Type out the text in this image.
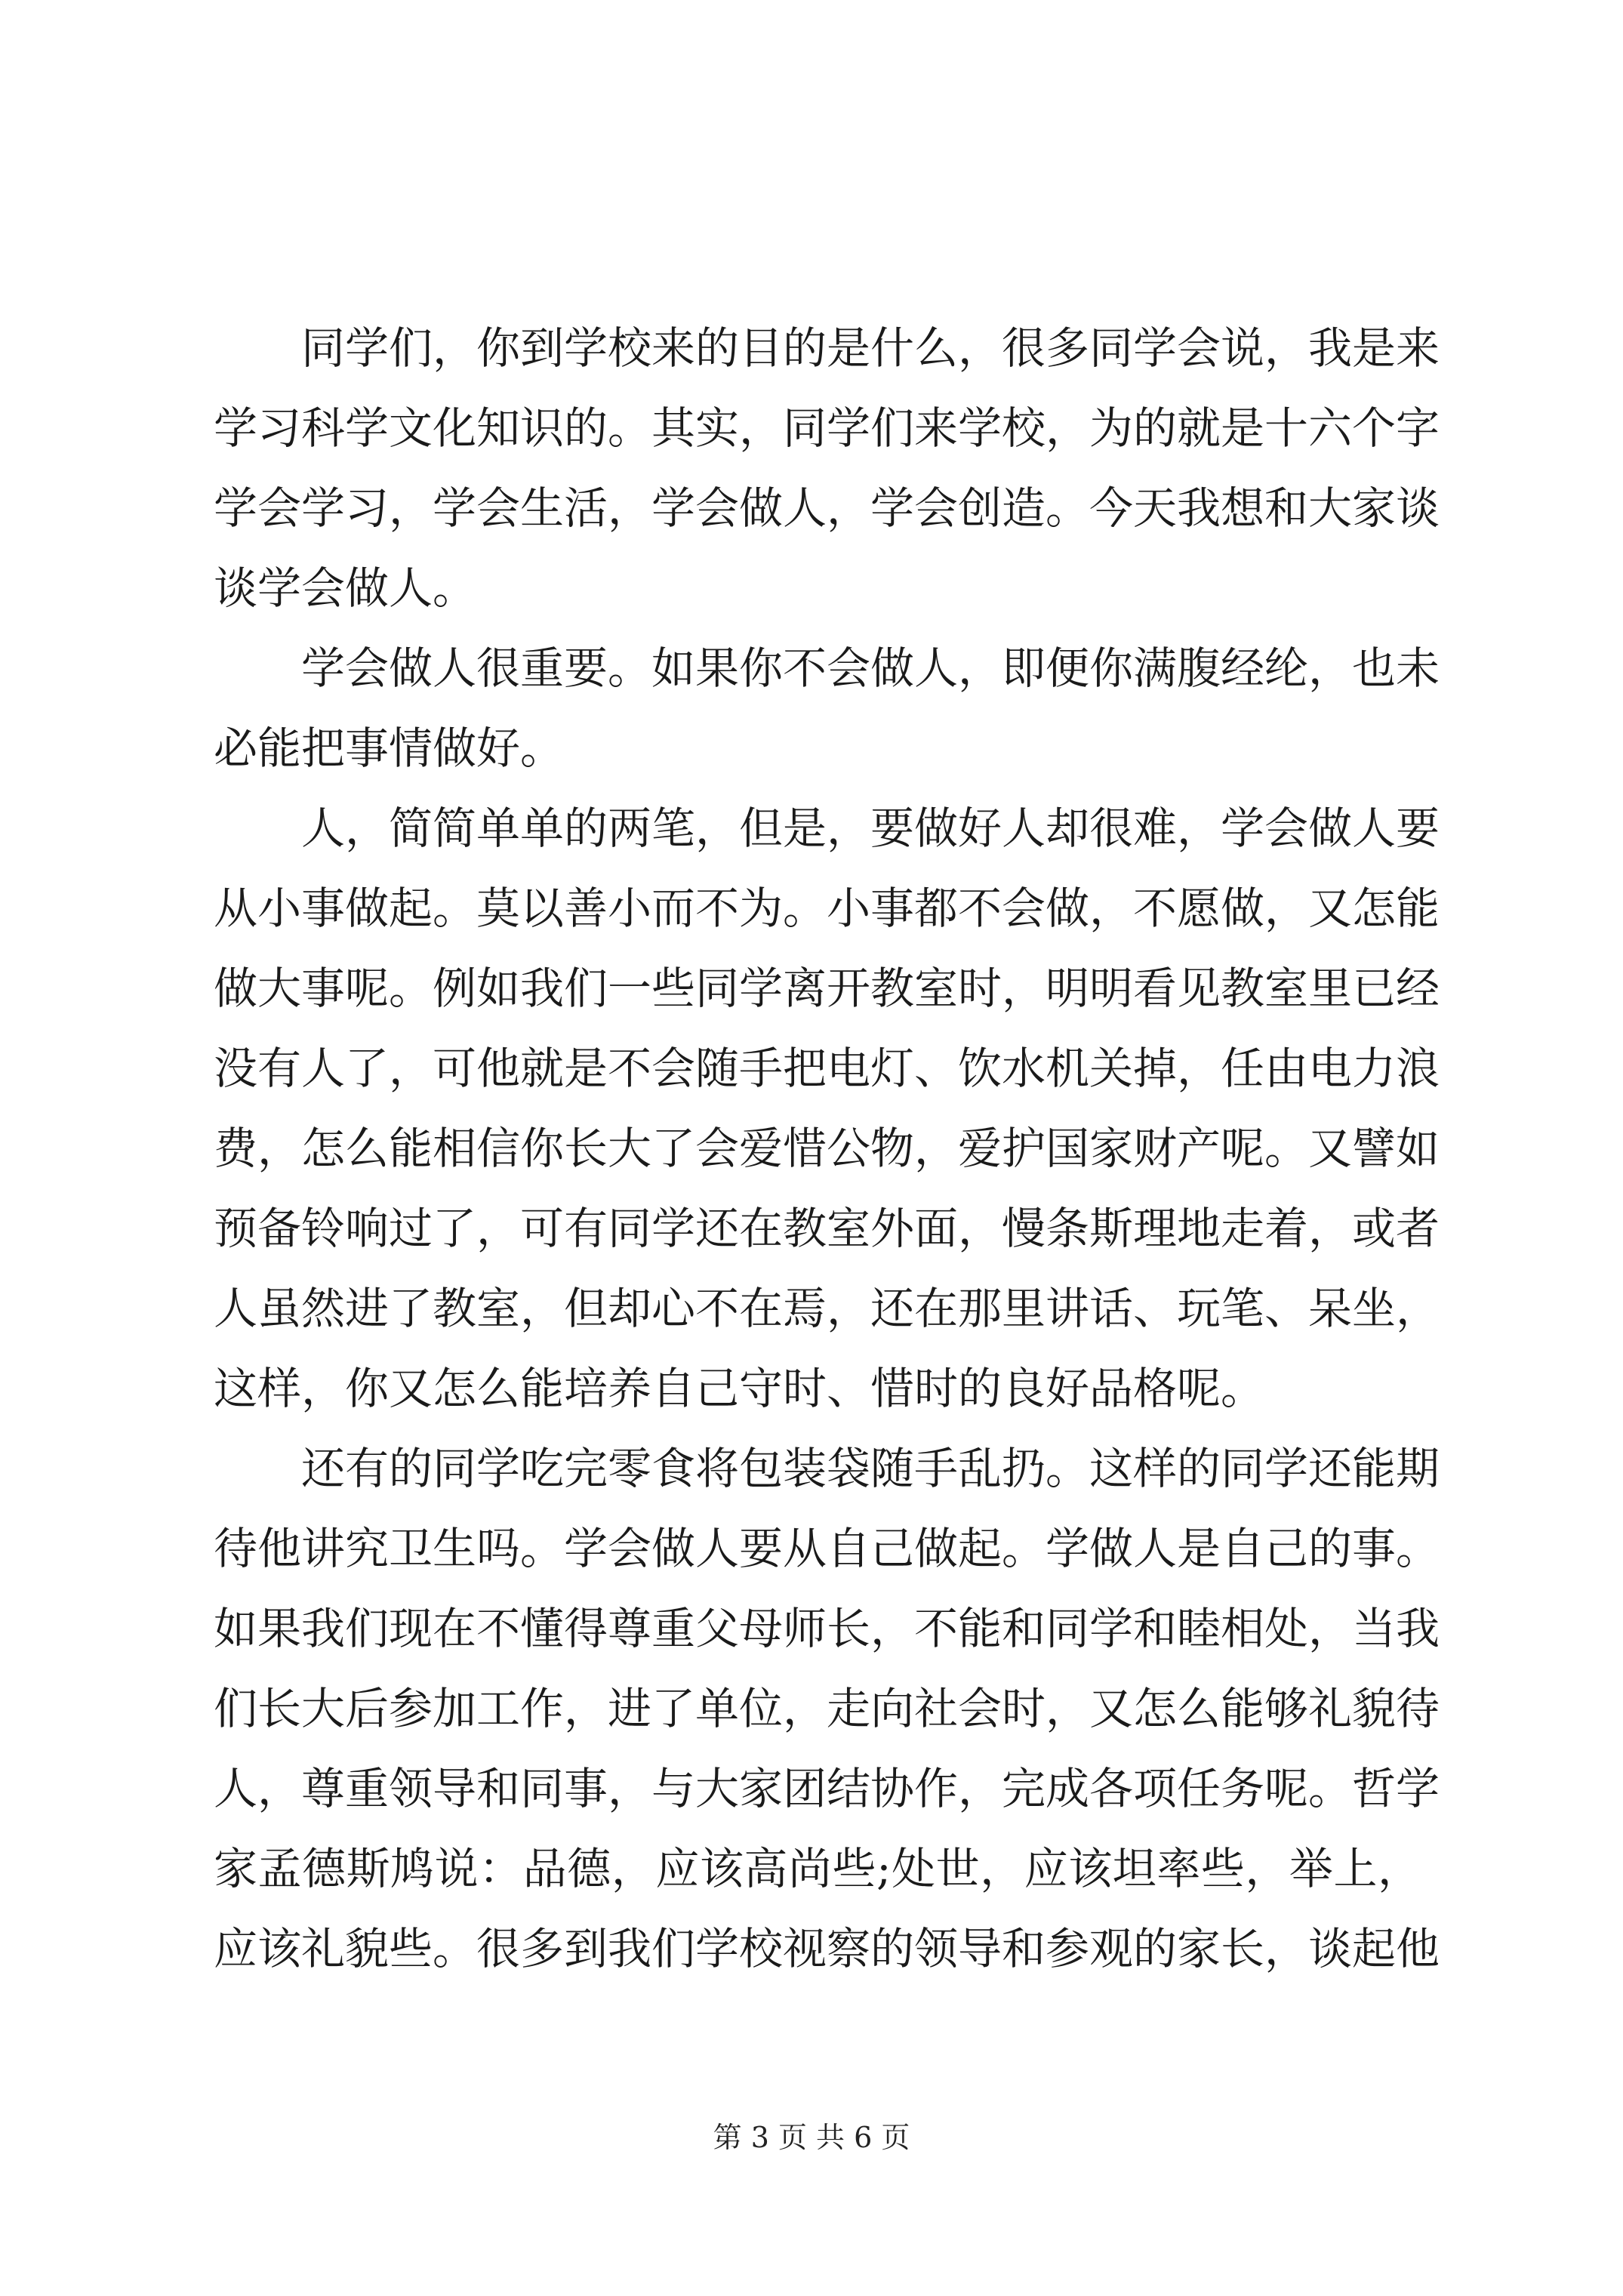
同学们，你到学校来的目的是什么，很多同学会说，我是来
学习科学文化知识的。其实，同学们来学校，为的就是十六个字
学会学习，学会生活，学会做人，学会创造。今天我想和大家谈
谈学会做人。
学会做人很重要。如果你不会做人，即便你满腹经纶，也未
必能把事情做好。
人，简简单单的两笔，但是，要做好人却很难，学会做人要
从小事做起。莫以善小而不为。小事都不会做，不愿做，又怎能
做大事呢。例如我们一些同学离开教室时，明明看见教室里已经
没有人了，可他就是不会随手把电灯、饮水机关掉，任由电力浪
费，怎么能相信你长大了会爱惜公物，爱护国家财产呢。又譬如
预备铃响过了，可有同学还在教室外面，慢条斯理地走着，或者
人虽然进了教室，但却心不在焉，还在那里讲话、玩笔、呆坐，
这样，你又怎么能培养自己守时、惜时的良好品格呢。
还有的同学吃完零食将包装袋随手乱扔。这样的同学还能期
待他讲究卫生吗。学会做人要从自己做起。学做人是自己的事。
如果我们现在不懂得尊重父母师长，不能和同学和睦相处，当我
们长大后参加工作，进了单位，走向社会时，又怎么能够礼貌待
人，尊重领导和同事，与大家团结协作，完成各项任务呢。哲学
家孟德斯鸠说：品德，应该高尚些;处世，应该坦率些，举上，
应该礼貌些。很多到我们学校视察的领导和参观的家长，谈起他
第 3 页 共 6 页
